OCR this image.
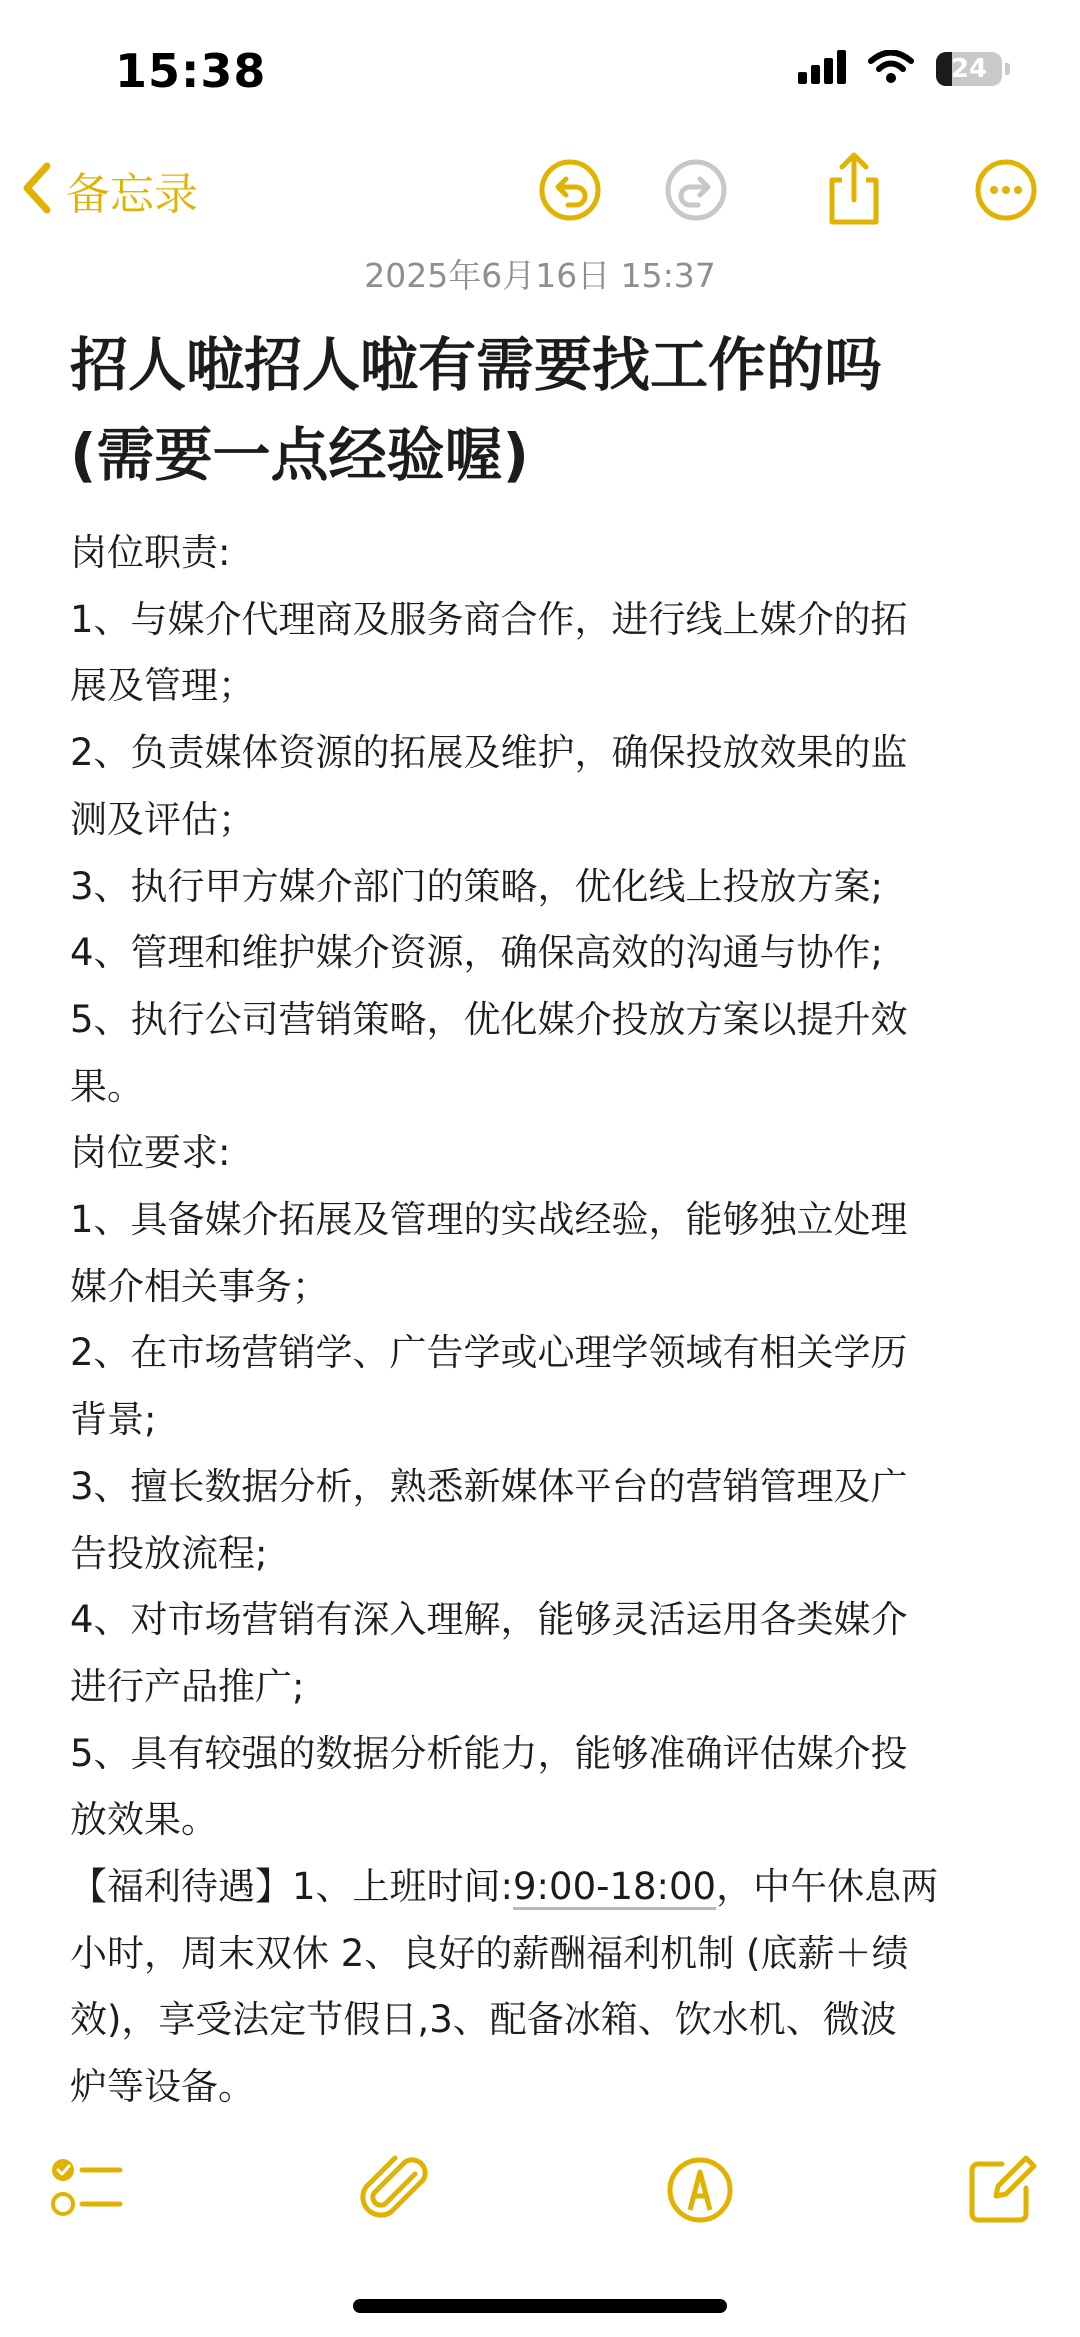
15:38	24
备忘录
2025年6月16日 15:37
招人啦招人啦有需要找工作的吗
(需要一点经验喔)
岗位职责:
1、与媒介代理商及服务商合作，进行线上媒介的拓
展及管理；
2、负责媒体资源的拓展及维护，确保投放效果的监
测及评估；
3、执行甲方媒介部门的策略，优化线上投放方案;
4、管理和维护媒介资源，确保高效的沟通与协作;
5、执行公司营销策略，优化媒介投放方案以提升效
果。
岗位要求:
1、具备媒介拓展及管理的实战经验，能够独立处理
媒介相关事务；
2、在市场营销学、广告学或心理学领域有相关学历
背景;
3、擅长数据分析，熟悉新媒体平台的营销管理及广
告投放流程;
4、对市场营销有深入理解，能够灵活运用各类媒介
进行产品推广;
5、具有较强的数据分析能力，能够准确评估媒介投
放效果。
【福利待遇】1、上班时间:9:00-18:00，中午休息两
小时，周末双休 2、良好的薪酬福利机制 (底薪＋绩
效)，享受法定节假日,3、配备冰箱、饮水机、微波
炉等设备。
